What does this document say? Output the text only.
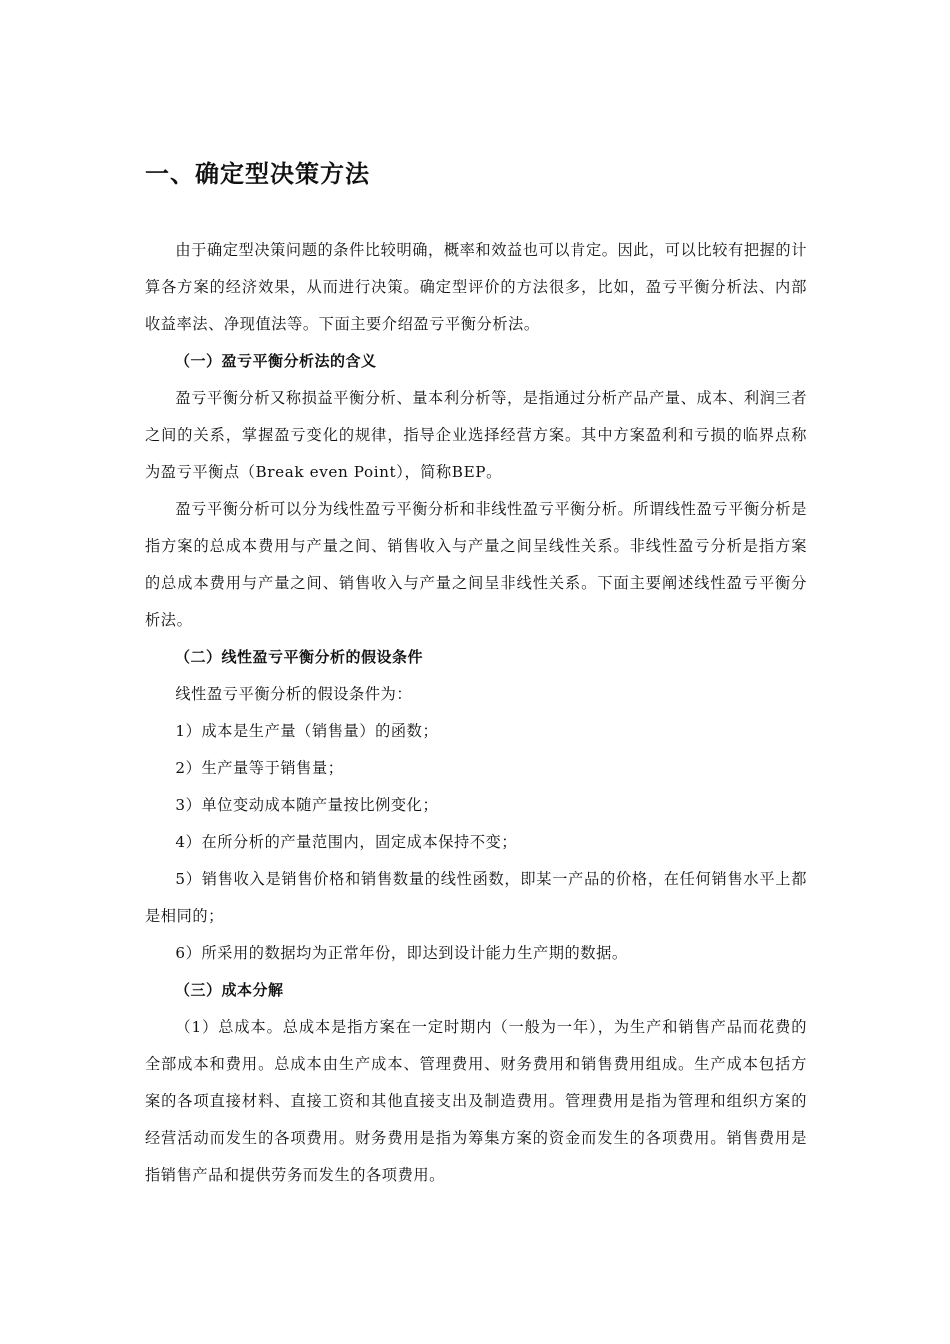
一、确定型决策方法

由于确定型决策问题的条件比较明确，概率和效益也可以肯定。因此，可以比较有把握的计算各方案的经济效果，从而进行决策。确定型评价的方法很多，比如，盈亏平衡分析法、内部收益率法、净现值法等。下面主要介绍盈亏平衡分析法。

（一）盈亏平衡分析法的含义

盈亏平衡分析又称损益平衡分析、量本利分析等，是指通过分析产品产量、成本、利润三者之间的关系，掌握盈亏变化的规律，指导企业选择经营方案。其中方案盈利和亏损的临界点称为盈亏平衡点（Break even Point），简称BEP。

盈亏平衡分析可以分为线性盈亏平衡分析和非线性盈亏平衡分析。所谓线性盈亏平衡分析是指方案的总成本费用与产量之间、销售收入与产量之间呈线性关系。非线性盈亏分析是指方案的总成本费用与产量之间、销售收入与产量之间呈非线性关系。下面主要阐述线性盈亏平衡分析法。

（二）线性盈亏平衡分析的假设条件

线性盈亏平衡分析的假设条件为：

1）成本是生产量（销售量）的函数；

2）生产量等于销售量；

3）单位变动成本随产量按比例变化；

4）在所分析的产量范围内，固定成本保持不变；

5）销售收入是销售价格和销售数量的线性函数，即某一产品的价格，在任何销售水平上都是相同的；

6）所采用的数据均为正常年份，即达到设计能力生产期的数据。

（三）成本分解

（1）总成本。总成本是指方案在一定时期内（一般为一年），为生产和销售产品而花费的全部成本和费用。总成本由生产成本、管理费用、财务费用和销售费用组成。生产成本包括方案的各项直接材料、直接工资和其他直接支出及制造费用。管理费用是指为管理和组织方案的经营活动而发生的各项费用。财务费用是指为筹集方案的资金而发生的各项费用。销售费用是指销售产品和提供劳务而发生的各项费用。
